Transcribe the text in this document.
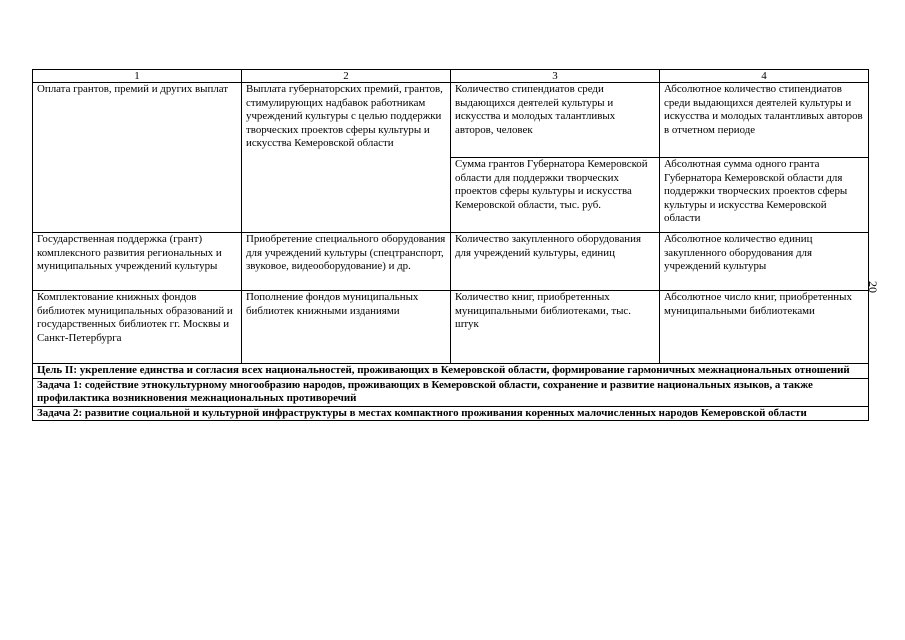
1	2	3	4
Оплата грантов, премий и других выплат	Выплата губернаторских премий, грантов, стимулирующих надбавок работникам учреждений культуры с целью поддержки творческих проектов сферы культуры и искусства Кемеровской области	Количество стипендиатов среди выдающихся деятелей культуры и искусства и молодых талантливых авторов, человек	Абсолютное количество стипендиатов среди выдающихся деятелей культуры и искусства и молодых талантливых авторов в отчетном периоде
		Сумма грантов Губернатора Кемеровской области для поддержки творческих проектов сферы культуры и искусства Кемеровской области, тыс. руб.	Абсолютная сумма одного гранта Губернатора Кемеровской области для поддержки творческих проектов сферы культуры и искусства Кемеровской области
Государственная поддержка (грант) комплексного развития региональных и муниципальных учреждений культуры	Приобретение специального оборудования для учреждений культуры (спецтранспорт, звуковое, видеооборудование) и др.	Количество закупленного оборудования для учреждений культуры, единиц	Абсолютное количество единиц закупленного оборудования для учреждений культуры
Комплектование книжных фондов библиотек муниципальных образований и государственных библиотек гг. Москвы и Санкт-Петербурга	Пополнение фондов муниципальных библиотек книжными изданиями	Количество книг, приобретенных муниципальными библиотеками, тыс. штук	Абсолютное число книг, приобретенных муниципальными библиотеками
Цель II: укрепление единства и согласия всех национальностей, проживающих в Кемеровской области, формирование гармоничных межнациональных отношений			
Задача 1: содействие этнокультурному многообразию народов, проживающих в Кемеровской области, сохранение и развитие национальных языков, а также профилактика возникновения межнациональных противоречий			
Задача 2: развитие социальной и культурной инфраструктуры в местах компактного проживания коренных малочисленных народов Кемеровской области			
20
